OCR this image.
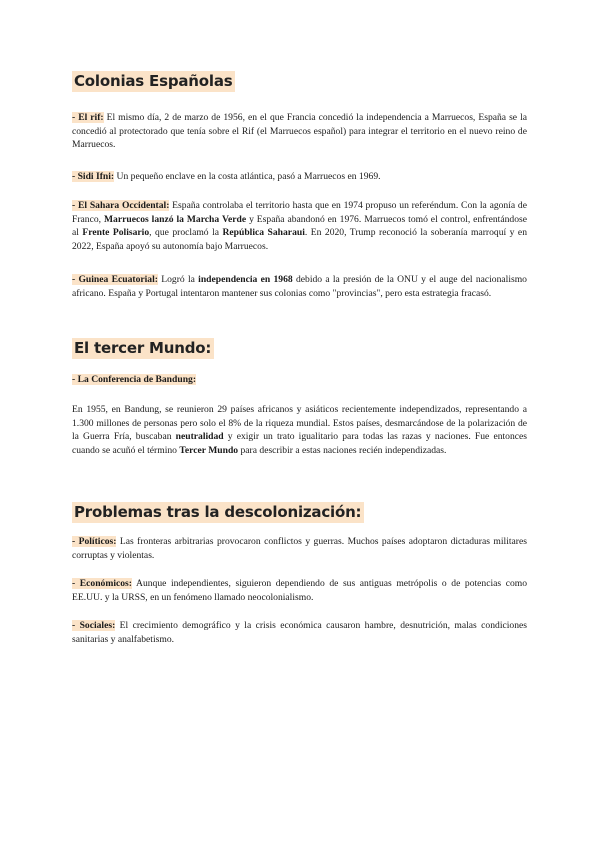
Colonias Españolas

- El rif: El mismo día, 2 de marzo de 1956, en el que Francia concedió la independencia a Marruecos, España se la concedió al protectorado que tenía sobre el Rif (el Marruecos español) para integrar el territorio en el nuevo reino de Marruecos.

- Sidi Ifni: Un pequeño enclave en la costa atlántica, pasó a Marruecos en 1969.

- El Sahara Occidental: España controlaba el territorio hasta que en 1974 propuso un referéndum. Con la agonía de Franco, Marruecos lanzó la Marcha Verde y España abandonó en 1976. Marruecos tomó el control, enfrentándose al Frente Polisario, que proclamó la República Saharaui. En 2020, Trump reconoció la soberanía marroquí y en 2022, España apoyó su autonomía bajo Marruecos.

- Guinea Ecuatorial: Logró la independencia en 1968 debido a la presión de la ONU y el auge del nacionalismo africano. España y Portugal intentaron mantener sus colonias como "provincias", pero esta estrategia fracasó.

El tercer Mundo:

- La Conferencia de Bandung:

En 1955, en Bandung, se reunieron 29 países africanos y asiáticos recientemente independizados, representando a 1.300 millones de personas pero solo el 8% de la riqueza mundial. Estos países, desmarcándose de la polarización de la Guerra Fría, buscaban neutralidad y exigir un trato igualitario para todas las razas y naciones. Fue entonces cuando se acuñó el término Tercer Mundo para describir a estas naciones recién independizadas.

Problemas tras la descolonización:

- Políticos: Las fronteras arbitrarias provocaron conflictos y guerras. Muchos países adoptaron dictaduras militares corruptas y violentas.

- Económicos: Aunque independientes, siguieron dependiendo de sus antiguas metrópolis o de potencias como EE.UU. y la URSS, en un fenómeno llamado neocolonialismo.

- Sociales: El crecimiento demográfico y la crisis económica causaron hambre, desnutrición, malas condiciones sanitarias y analfabetismo.
